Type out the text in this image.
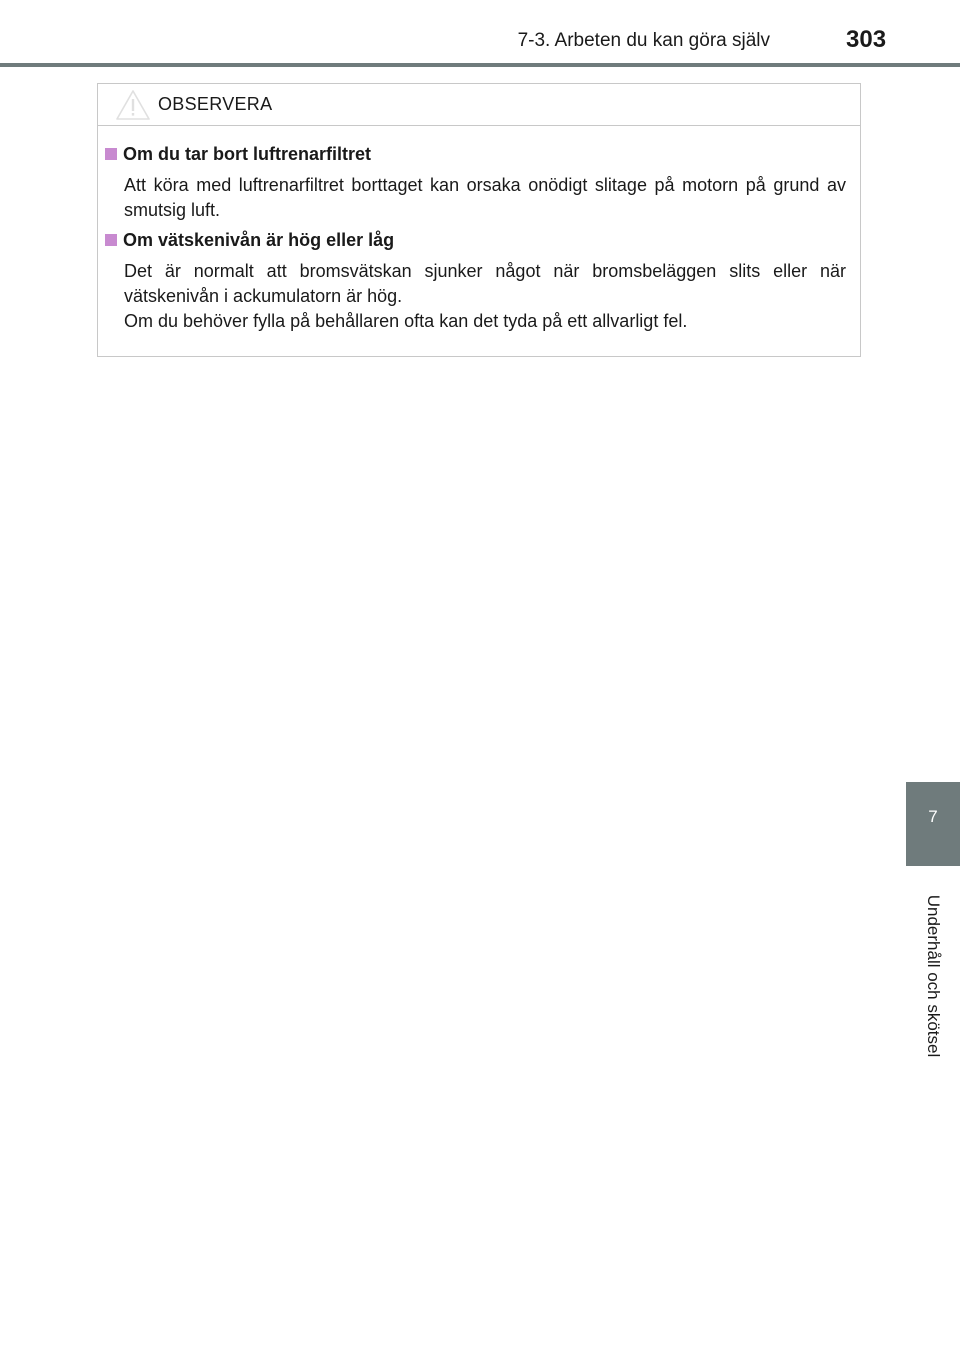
7-3. Arbeten du kan göra själv	303
OBSERVERA
Om du tar bort luftrenarfiltret
Att köra med luftrenarfiltret borttaget kan orsaka onödigt slitage på motorn på grund av smutsig luft.
Om vätskenivån är hög eller låg
Det är normalt att bromsvätskan sjunker något när bromsbeläggen slits eller när vätskenivån i ackumulatorn är hög.
Om du behöver fylla på behållaren ofta kan det tyda på ett allvarligt fel.
7
Underhåll och skötsel
